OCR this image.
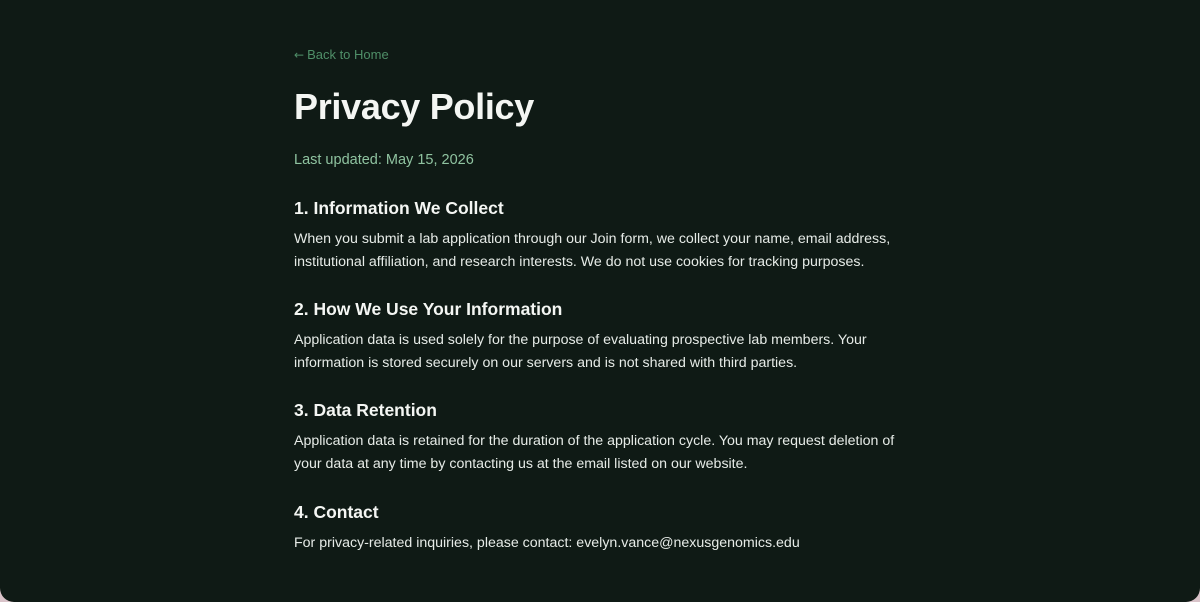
← Back to Home
Privacy Policy
Last updated: May 15, 2026
1. Information We Collect

When you submit a lab application through our Join form, we collect your name, email address, institutional affiliation, and research interests. We do not use cookies for tracking purposes.

2. How We Use Your Information

Application data is used solely for the purpose of evaluating prospective lab members. Your information is stored securely on our servers and is not shared with third parties.

3. Data Retention

Application data is retained for the duration of the application cycle. You may request deletion of your data at any time by contacting us at the email listed on our website.

4. Contact

For privacy-related inquiries, please contact: evelyn.vance@nexusgenomics.edu
